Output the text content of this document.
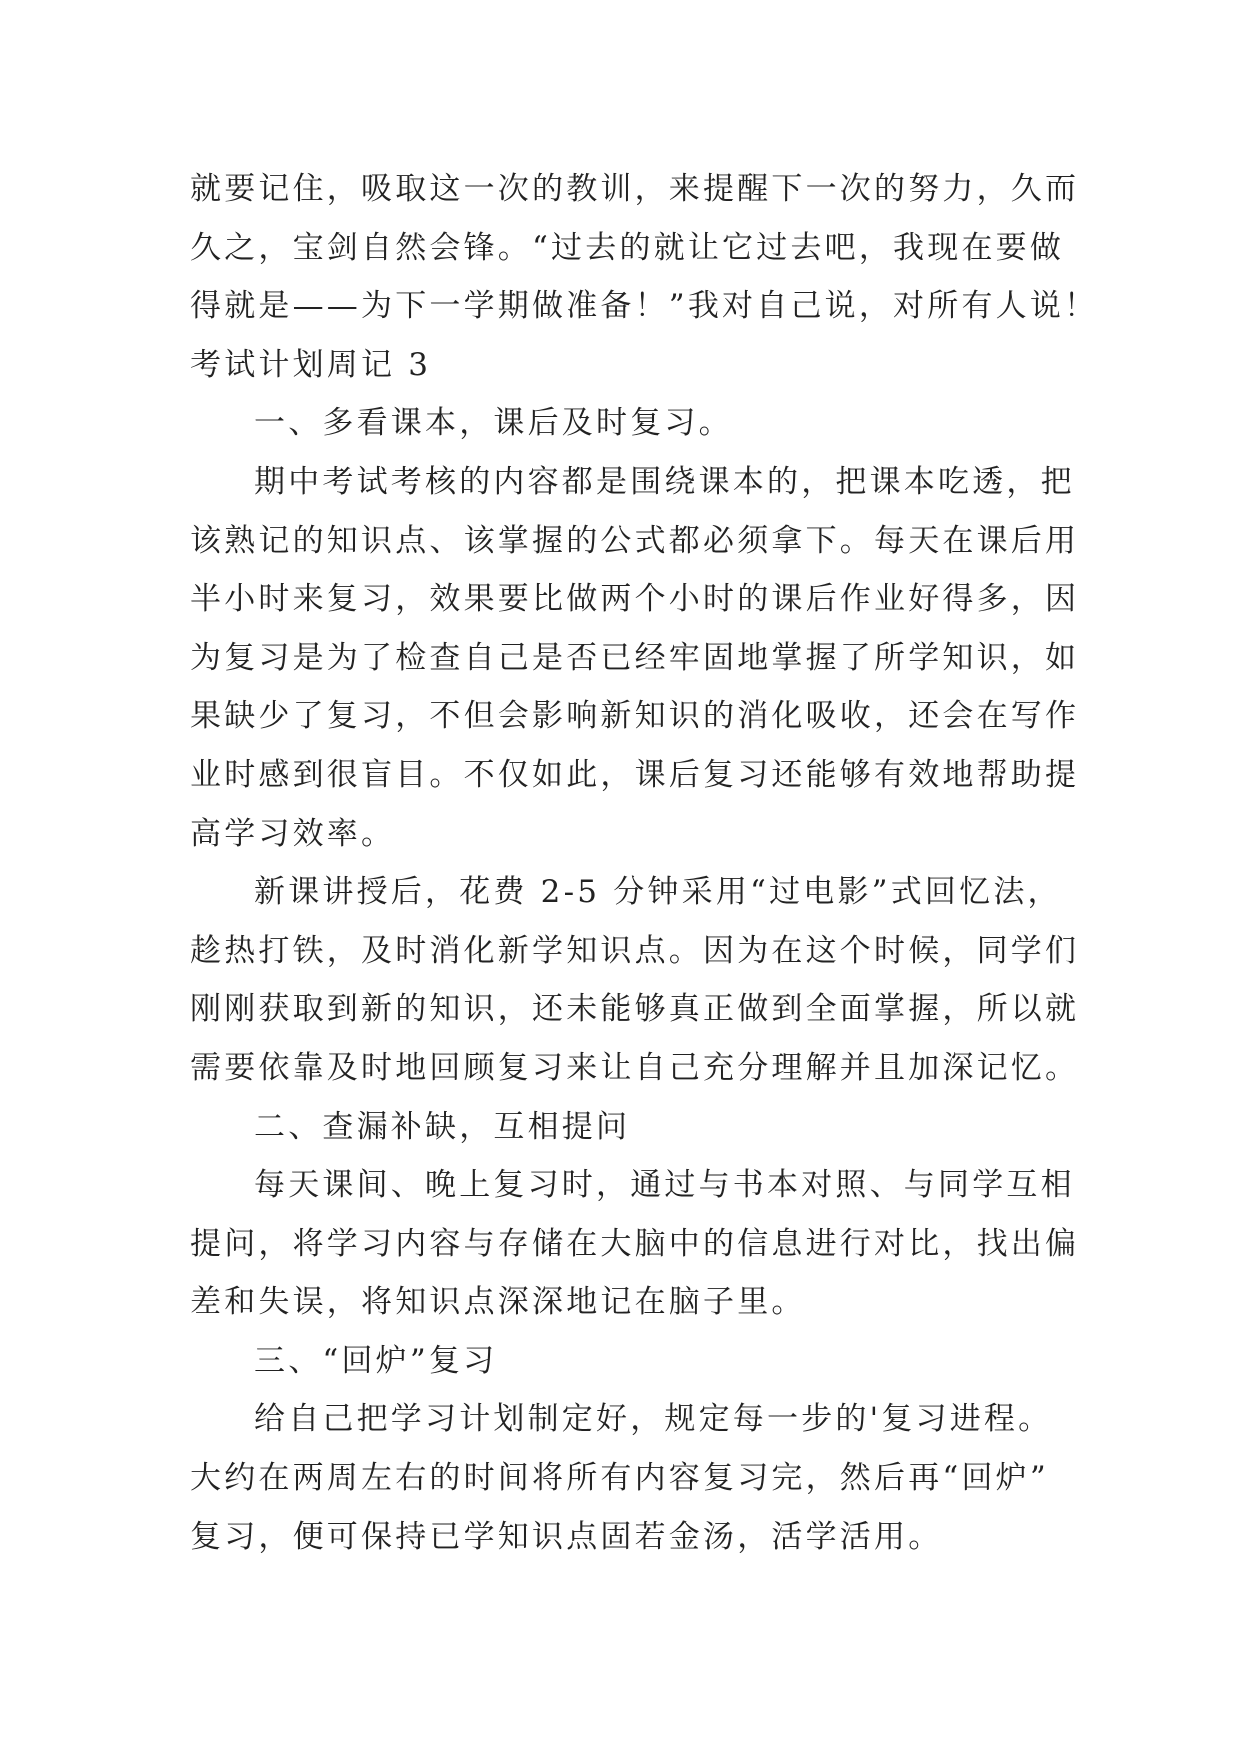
就要记住，吸取这一次的教训，来提醒下一次的努力，久而
久之，宝剑自然会锋。“过去的就让它过去吧，我现在要做
得就是——为下一学期做准备！”我对自己说，对所有人说！
考试计划周记 3
一、多看课本，课后及时复习。
期中考试考核的内容都是围绕课本的，把课本吃透，把
该熟记的知识点、该掌握的公式都必须拿下。每天在课后用
半小时来复习，效果要比做两个小时的课后作业好得多，因
为复习是为了检查自己是否已经牢固地掌握了所学知识，如
果缺少了复习，不但会影响新知识的消化吸收，还会在写作
业时感到很盲目。不仅如此，课后复习还能够有效地帮助提
高学习效率。
新课讲授后，花费 2-5 分钟采用“过电影”式回忆法，
趁热打铁，及时消化新学知识点。因为在这个时候，同学们
刚刚获取到新的知识，还未能够真正做到全面掌握，所以就
需要依靠及时地回顾复习来让自己充分理解并且加深记忆。
二、查漏补缺，互相提问
每天课间、晚上复习时，通过与书本对照、与同学互相
提问，将学习内容与存储在大脑中的信息进行对比，找出偏
差和失误，将知识点深深地记在脑子里。
三、“回炉”复习
给自己把学习计划制定好，规定每一步的'复习进程。
大约在两周左右的时间将所有内容复习完，然后再“回炉”
复习，便可保持已学知识点固若金汤，活学活用。
